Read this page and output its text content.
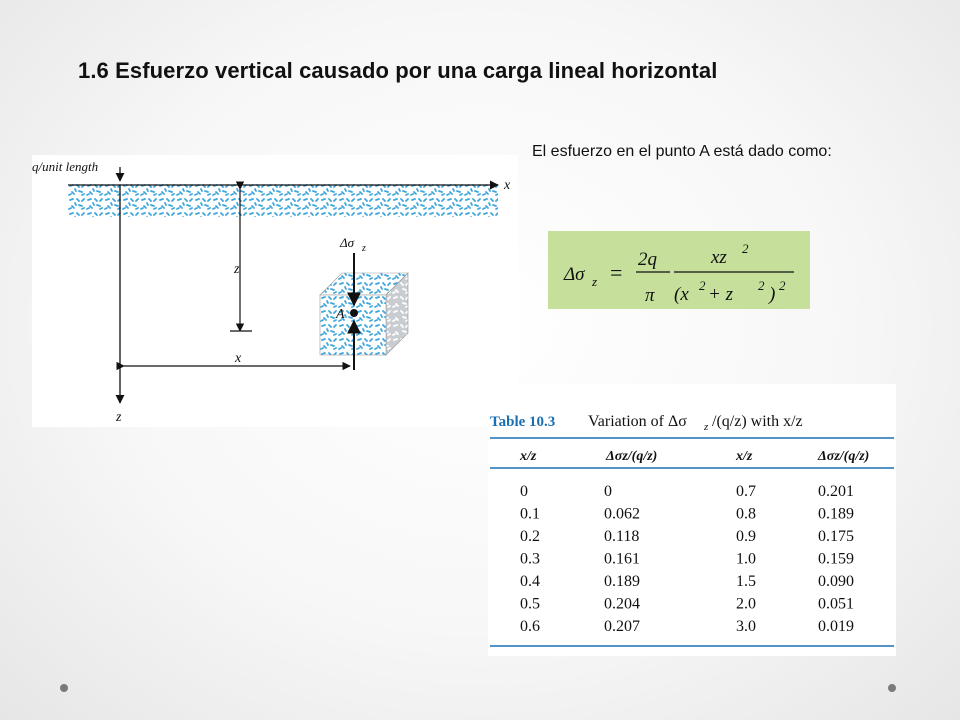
1.6 Esfuerzo vertical causado por una carga lineal horizontal
El esfuerzo en el punto A está dado como:
Δσ z =
2q
π
xz 2
(x 2 + z 2 ) 2
q/unit length
x
z
z
x
A
Δσ z
Table 10.3 Variation of Δσ z /(q/z) with x/z
x/z	Δσz/(q/z)	x/z	Δσz/(q/z)
0	0	0.7	0.201
0.1	0.062	0.8	0.189
0.2	0.118	0.9	0.175
0.3	0.161	1.0	0.159
0.4	0.189	1.5	0.090
0.5	0.204	2.0	0.051
0.6	0.207	3.0	0.019
